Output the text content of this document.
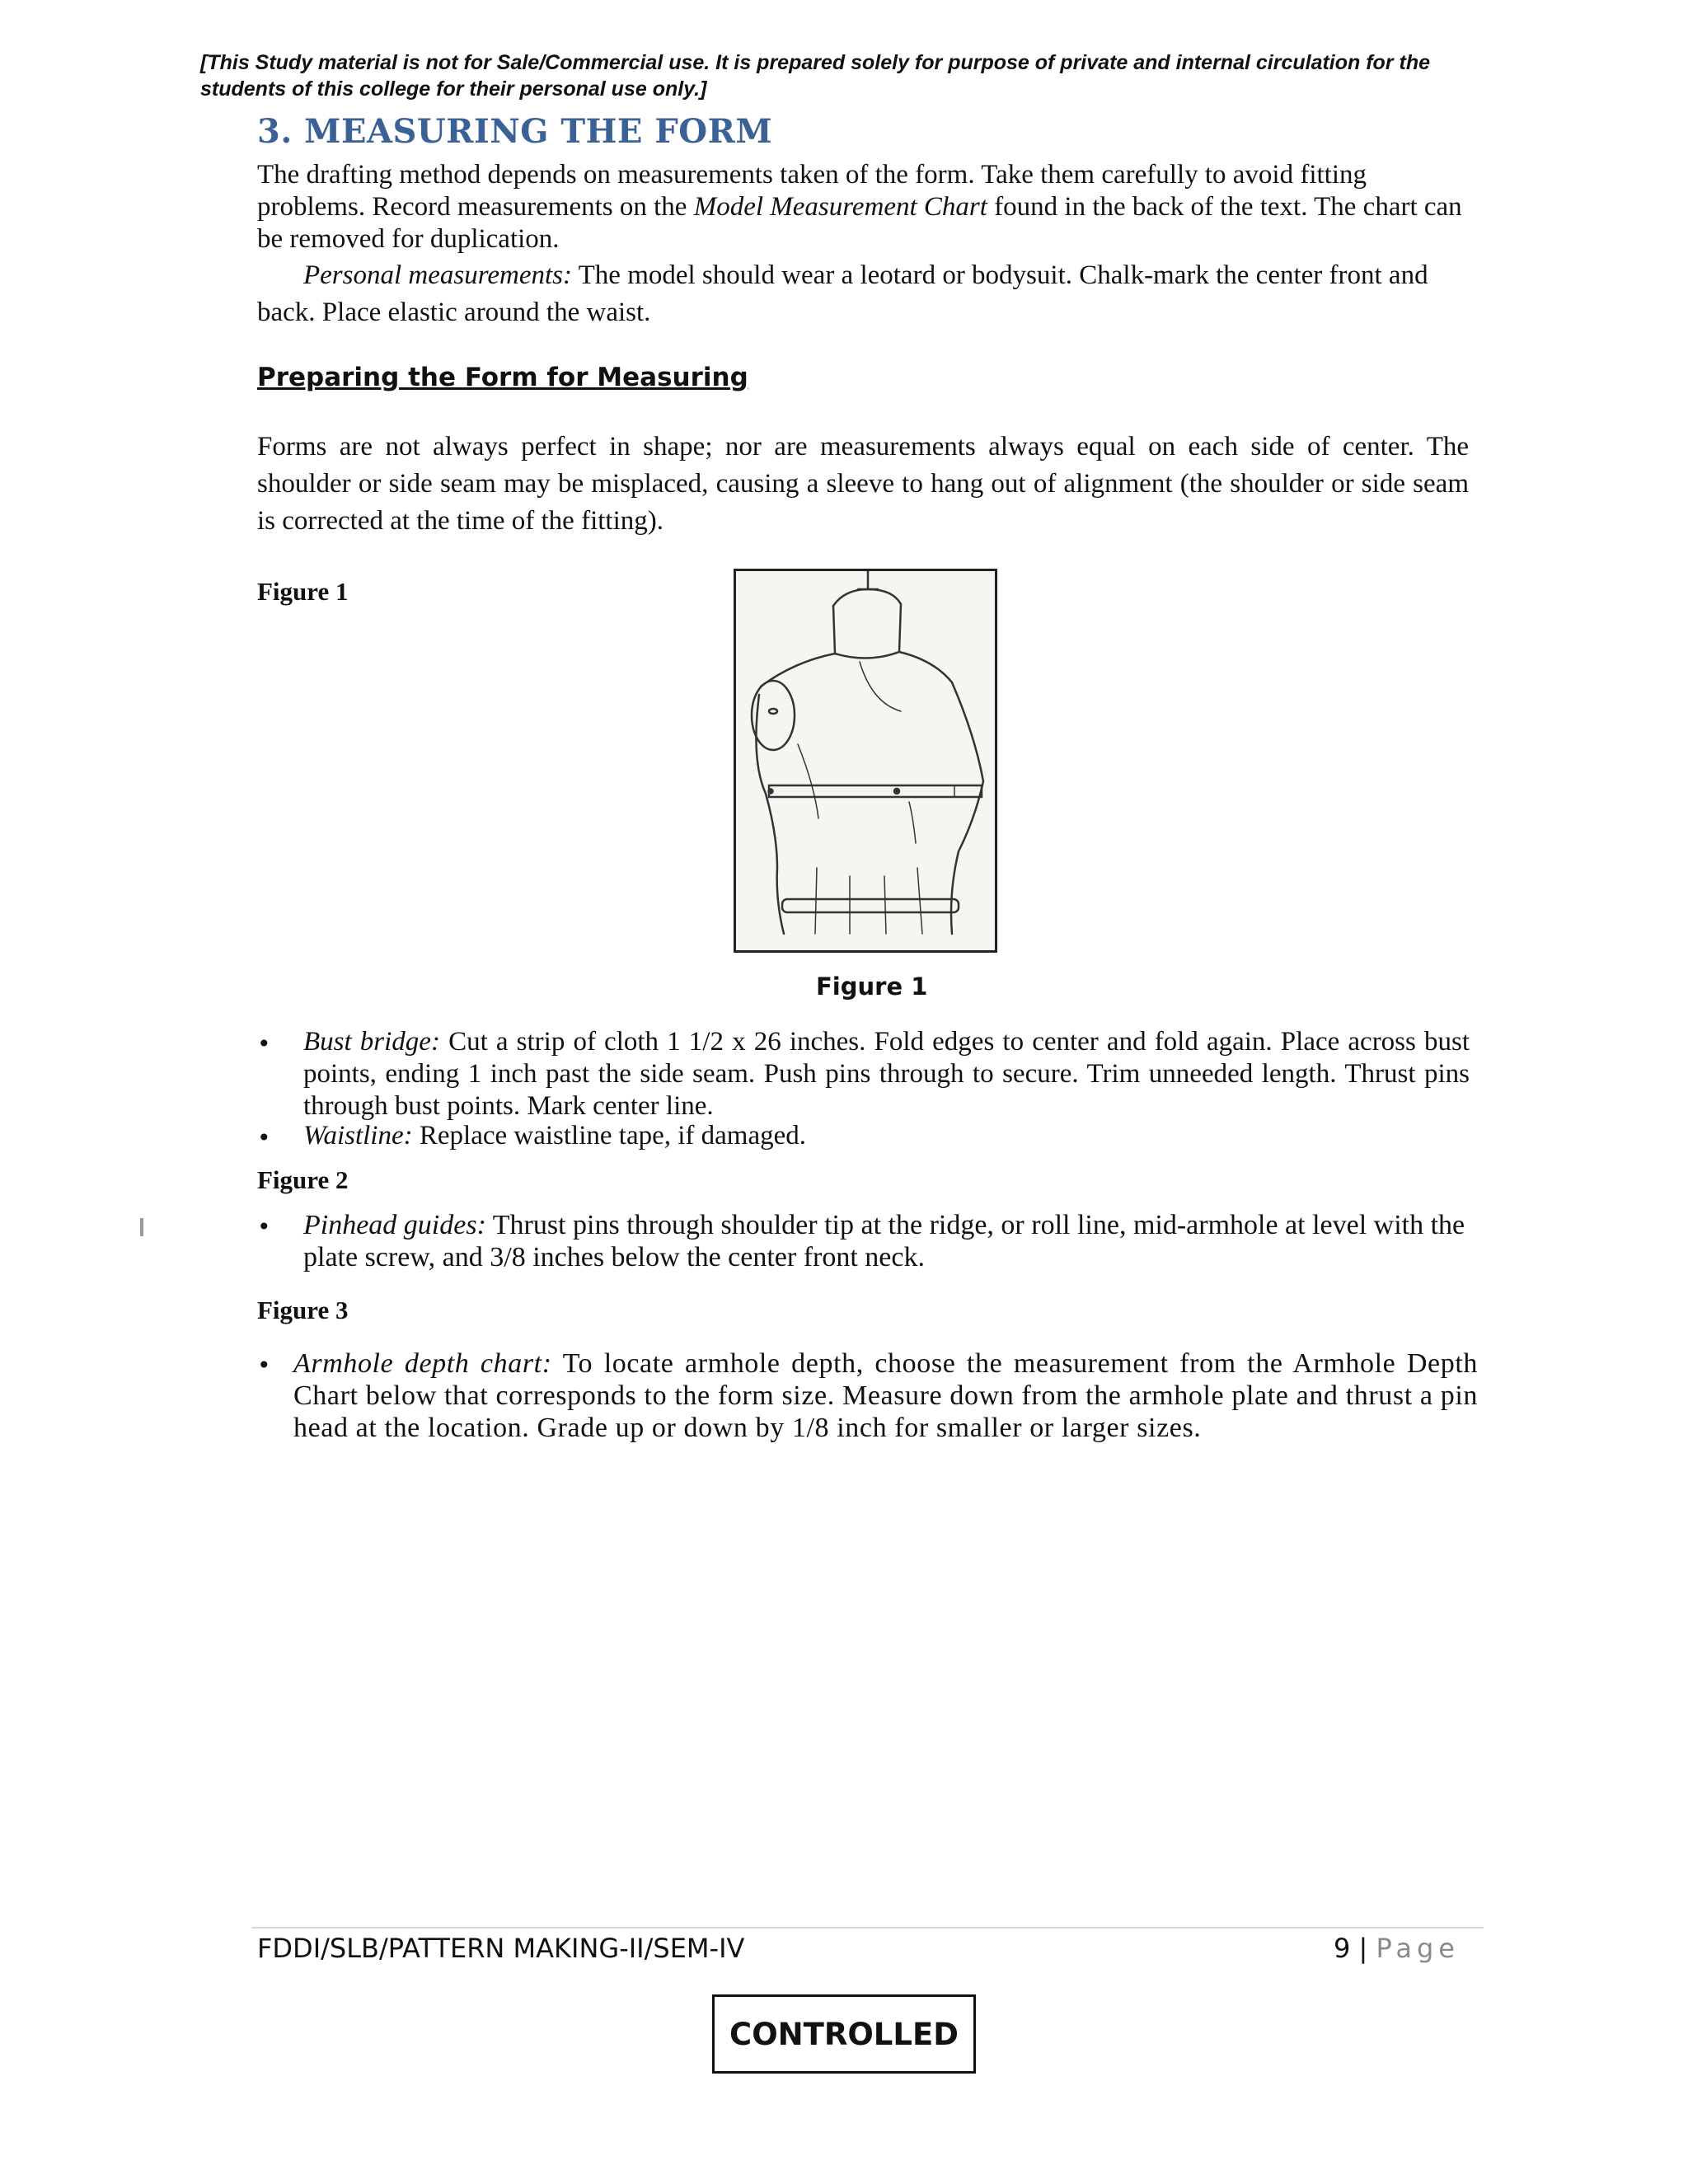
[This Study material is not for Sale/Commercial use. It is prepared solely for purpose of private and internal circulation for the students of this college for their personal use only.]
3. MEASURING THE FORM
The drafting method depends on measurements taken of the form. Take them carefully to avoid fitting problems. Record measurements on the Model Measurement Chart found in the back of the text. The chart can be removed for duplication.
Personal measurements: The model should wear a leotard or bodysuit. Chalk-mark the center front and back. Place elastic around the waist.
Preparing the Form for Measuring
Forms are not always perfect in shape; nor are measurements always equal on each side of center. The shoulder or side seam may be misplaced, causing a sleeve to hang out of alignment (the shoulder or side seam is corrected at the time of the fitting).
Figure 1
Figure 1
• Bust bridge: Cut a strip of cloth 1 1/2 x 26 inches. Fold edges to center and fold again. Place across bust points, ending 1 inch past the side seam. Push pins through to secure. Trim unneeded length. Thrust pins through bust points. Mark center line.
• Waistline: Replace waistline tape, if damaged.
Figure 2
• Pinhead guides: Thrust pins through shoulder tip at the ridge, or roll line, mid-armhole at level with the plate screw, and 3/8 inches below the center front neck.
Figure 3
• Armhole depth chart: To locate armhole depth, choose the measurement from the Armhole Depth Chart below that corresponds to the form size. Measure down from the armhole plate and thrust a pin head at the location. Grade up or down by 1/8 inch for smaller or larger sizes.
FDDI/SLB/PATTERN MAKING-II/SEM-IV	9 | Page
CONTROLLED
